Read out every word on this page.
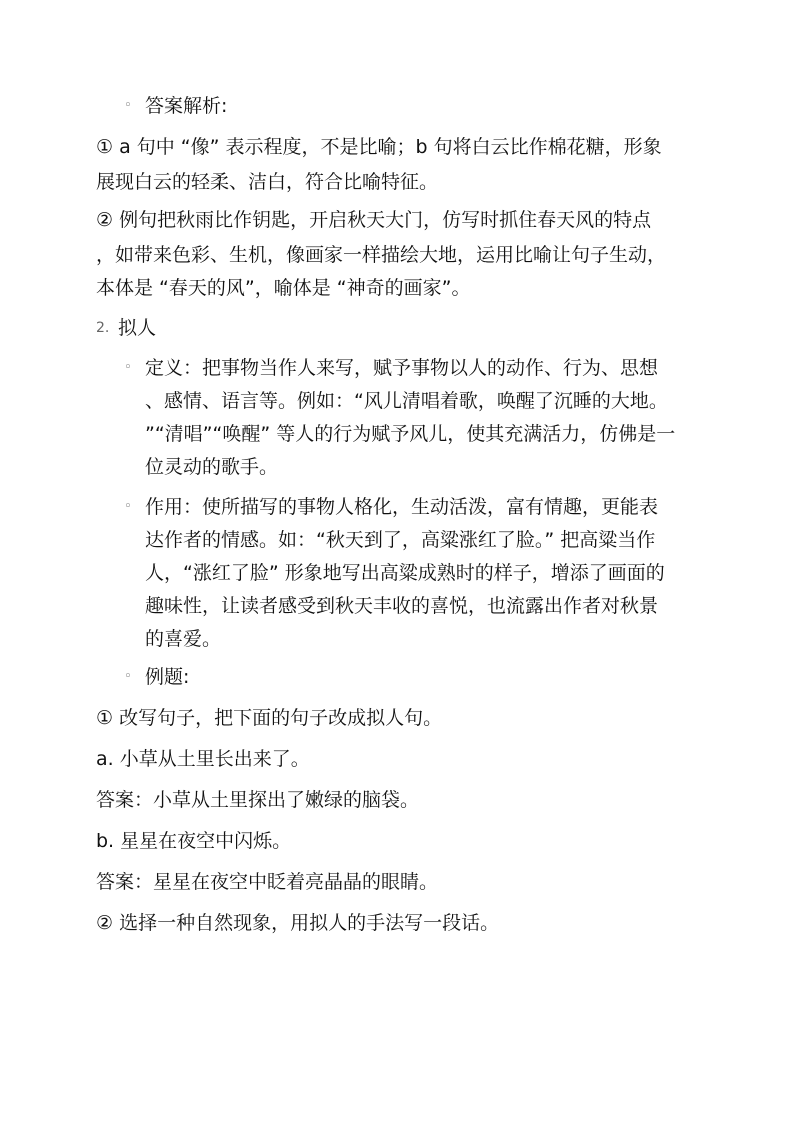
◦ 答案解析:
① a 句中 “像” 表示程度，不是比喻；b 句将白云比作棉花糖，形象
展现白云的轻柔、洁白，符合比喻特征。
② 例句把秋雨比作钥匙，开启秋天大门，仿写时抓住春天风的特点
，如带来色彩、生机，像画家一样描绘大地，运用比喻让句子生动，
本体是 “春天的风”，喻体是 “神奇的画家”。
2. 拟人
◦ 定义：把事物当作人来写，赋予事物以人的动作、行为、思想
、感情、语言等。例如：“风儿清唱着歌，唤醒了沉睡的大地。
”“清唱”“唤醒” 等人的行为赋予风儿，使其充满活力，仿佛是一
位灵动的歌手。
◦ 作用：使所描写的事物人格化，生动活泼，富有情趣，更能表
达作者的情感。如：“秋天到了，高粱涨红了脸。” 把高粱当作
人，“涨红了脸” 形象地写出高粱成熟时的样子，增添了画面的
趣味性，让读者感受到秋天丰收的喜悦，也流露出作者对秋景
的喜爱。
◦ 例题:
① 改写句子，把下面的句子改成拟人句。
a. 小草从土里长出来了。
答案：小草从土里探出了嫩绿的脑袋。
b. 星星在夜空中闪烁。
答案：星星在夜空中眨着亮晶晶的眼睛。
② 选择一种自然现象，用拟人的手法写一段话。
